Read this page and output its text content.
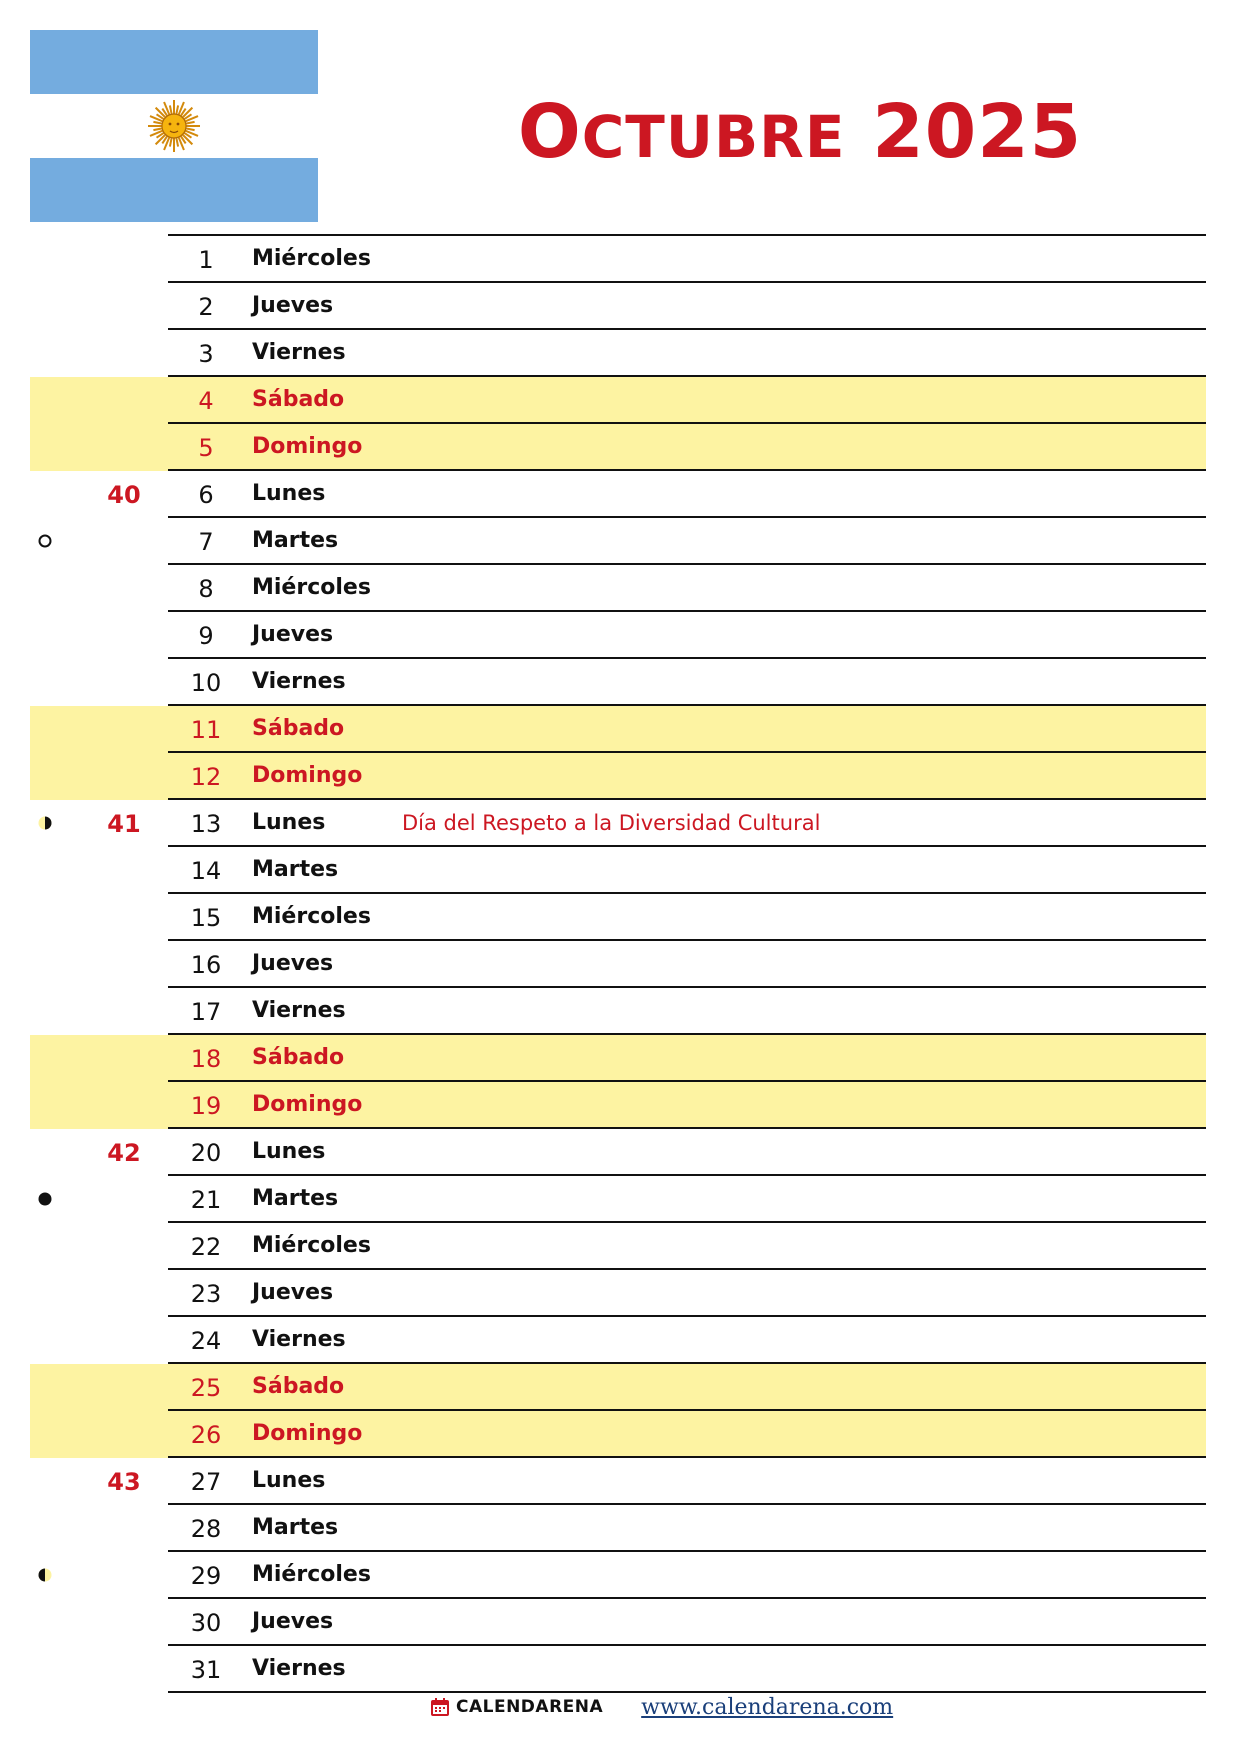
OCTUBRE 2025
1	Miércoles
2	Jueves
3	Viernes
4	Sábado
5	Domingo
40	6	Lunes
7	Martes
8	Miércoles
9	Jueves
10	Viernes
11	Sábado
12	Domingo
41	13	Lunes	Día del Respeto a la Diversidad Cultural
14	Martes
15	Miércoles
16	Jueves
17	Viernes
18	Sábado
19	Domingo
42	20	Lunes
21	Martes
22	Miércoles
23	Jueves
24	Viernes
25	Sábado
26	Domingo
43	27	Lunes
28	Martes
29	Miércoles
30	Jueves
31	Viernes
CALENDARENA www.calendarena.com
